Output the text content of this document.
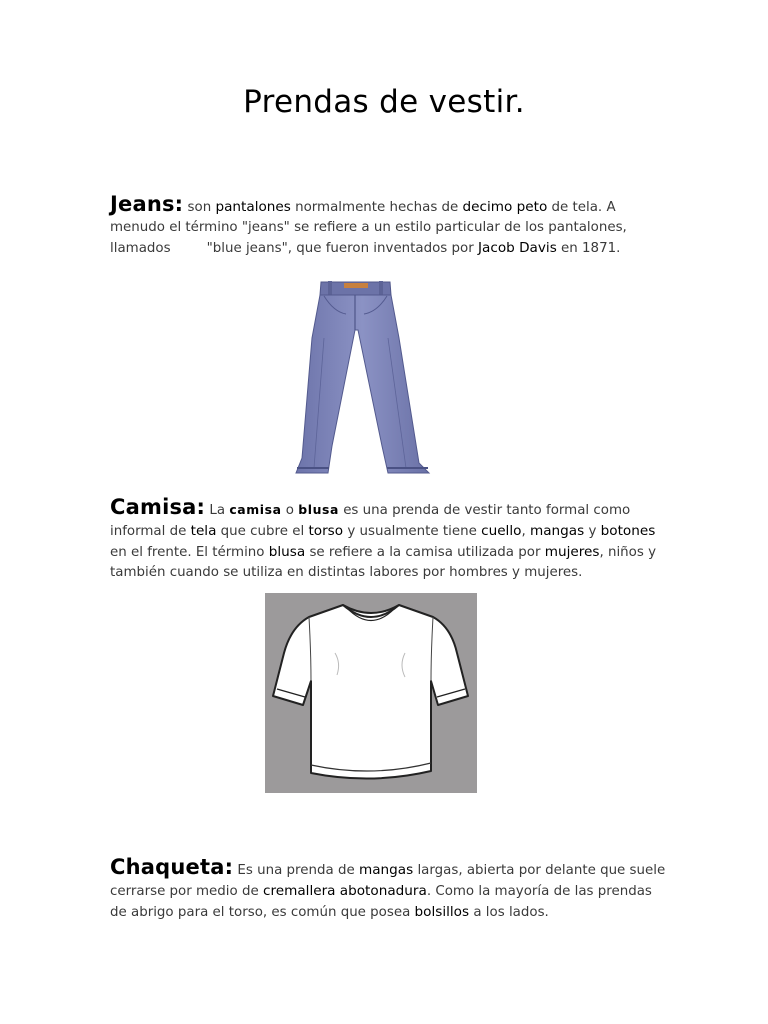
Prendas de vestir.
Jeans: son pantalones normalmente hechas de decimo peto de tela. A menudo el término "jeans" se refiere a un estilo particular de los pantalones, llamados	"blue jeans", que fueron inventados por Jacob Davis en 1871.
Camisa: La camisa o blusa es una prenda de vestir tanto formal como informal de tela que cubre el torso y usualmente tiene cuello, mangas y botones en el frente. El término blusa se refiere a la camisa utilizada por mujeres, niños y también cuando se utiliza en distintas labores por hombres y mujeres.
Chaqueta: Es una prenda de mangas largas, abierta por delante que suele cerrarse por medio de cremallera abotonadura. Como la mayoría de las prendas de abrigo para el torso, es común que posea bolsillos a los lados.
